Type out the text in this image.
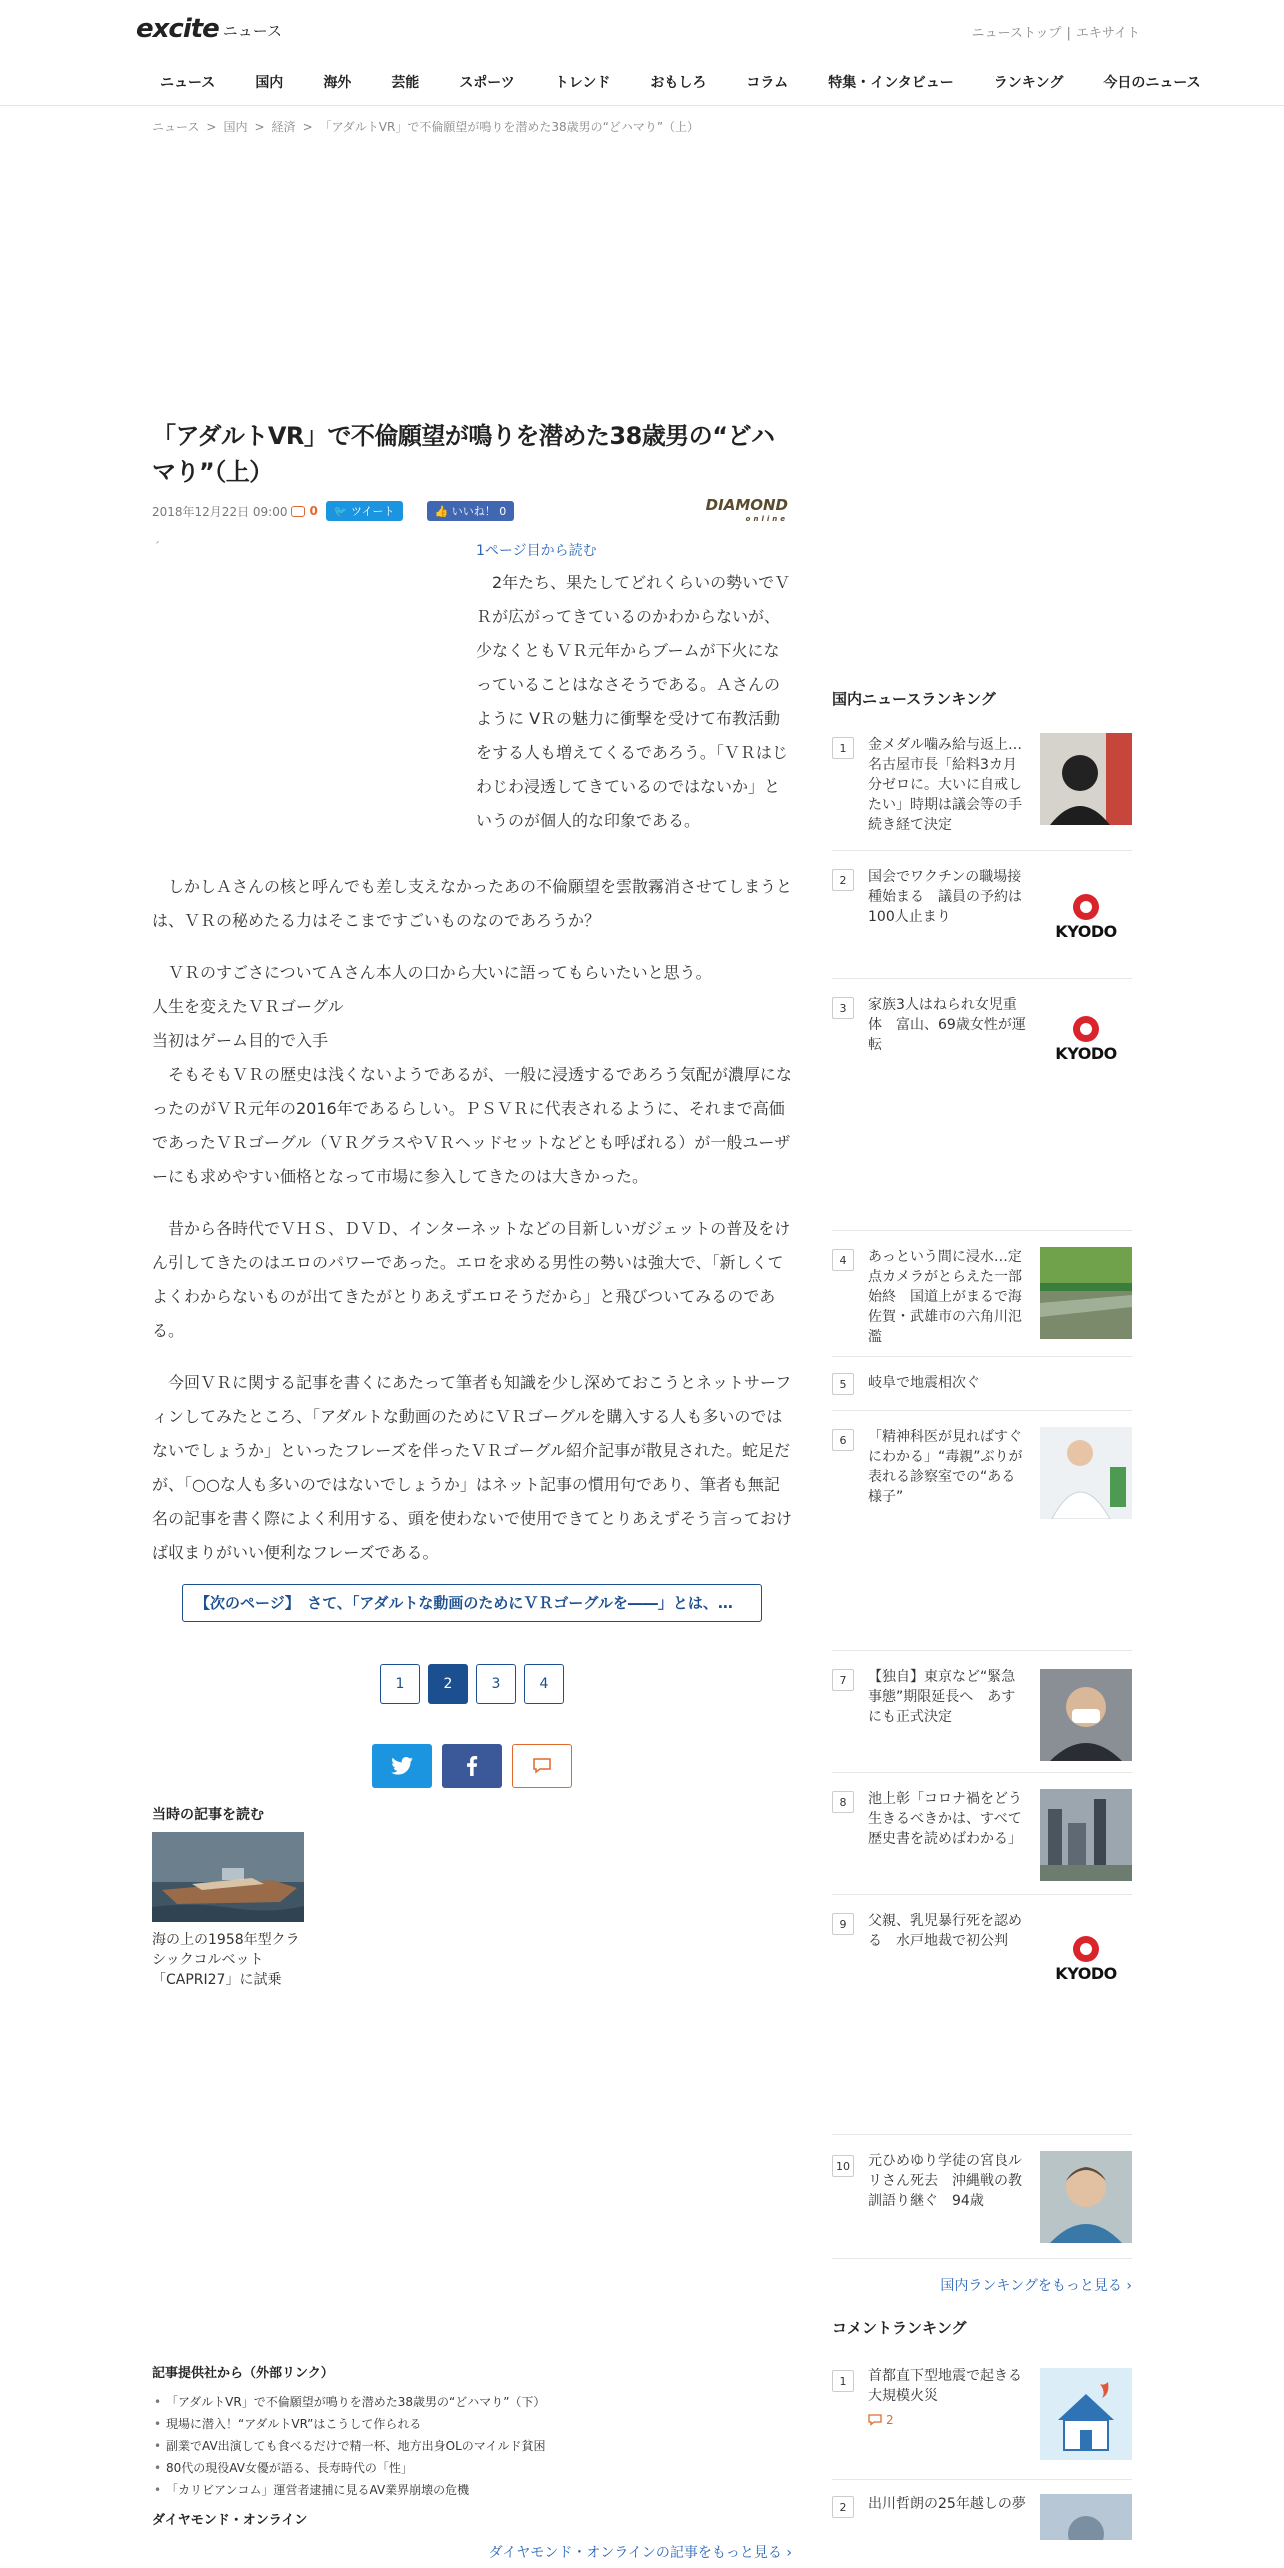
excite ニュース	ニューストップ | エキサイト
ニュース	国内	海外	芸能	スポーツ	トレンド	おもしろ	コラム	特集・インタビュー	ランキング	今日のニュース
ニュース > 国内 > 経済 > 「アダルトVR」で不倫願望が鳴りを潜めた38歳男の“どハマり”（上）
「アダルトVR」で不倫願望が鳴りを潜めた38歳男の“どハマり”（上）
2018年12月22日 09:00 0	🐦 ツイート	👍 いいね！ 0	DIAMOND
online
´	1ページ目から読む

2年たち、果たしてどれくらいの勢いでＶＲが広がってきているのかわからないが、少なくともＶＲ元年からブームが下火になっていることはなさそうである。Ａさんのように VＲの魅力に衝撃を受けて布教活動をする人も増えてくるであろう。「ＶＲはじわじわ浸透してきているのではないか」というのが個人的な印象である。

しかしＡさんの核と呼んでも差し支えなかったあの不倫願望を雲散霧消させてしまうとは、ＶＲの秘めたる力はそこまですごいものなのであろうか？

ＶＲのすごさについてＡさん本人の口から大いに語ってもらいたいと思う。

人生を変えたＶＲゴーグル
当初はゲーム目的で入手

そもそもＶＲの歴史は浅くないようであるが、一般に浸透するであろう気配が濃厚になったのがＶＲ元年の2016年であるらしい。ＰＳＶＲに代表されるように、それまで高価であったＶＲゴーグル（ＶＲグラスやＶＲヘッドセットなどとも呼ばれる）が一般ユーザーにも求めやすい価格となって市場に参入してきたのは大きかった。

昔から各時代でＶＨＳ、ＤＶＤ、インターネットなどの目新しいガジェットの普及をけん引してきたのはエロのパワーであった。エロを求める男性の勢いは強大で、「新しくてよくわからないものが出てきたがとりあえずエロそうだから」と飛びついてみるのである。

今回ＶＲに関する記事を書くにあたって筆者も知識を少し深めておこうとネットサーフィンしてみたところ、「アダルトな動画のためにＶＲゴーグルを購入する人も多いのではないでしょうか」といったフレーズを伴ったＶＲゴーグル紹介記事が散見された。蛇足だが、「○○な人も多いのではないでしょうか」はネット記事の慣用句であり、筆者も無記名の記事を書く際によく利用する、頭を使わないで使用できてとりあえずそう言っておけば収まりがいい便利なフレーズである。

【次のページ】　さて、「アダルトな動画のためにＶＲゴーグルを――」とは、…
1	2	3	4
当時の記事を読む
海の上の1958年型クラシックコルベット「CAPRI27」に試乗
記事提供社から（外部リンク）
• 「アダルトVR」で不倫願望が鳴りを潜めた38歳男の“どハマり”（下）
• 現場に潜入！“アダルトVR”はこうして作られる
• 副業でAV出演しても食べるだけで精一杯、地方出身OLのマイルド貧困
• 80代の現役AV女優が語る、長寿時代の「性」
• 「カリビアンコム」運営者逮捕に見るAV業界崩壊の危機
ダイヤモンド・オンライン
ダイヤモンド・オンラインの記事をもっと見る ›
国内ニュースランキング
1	金メダル噛み給与返上…名古屋市長「給料3カ月分ゼロに。大いに自戒したい」時期は議会等の手続き経て決定
2	国会でワクチンの職場接種始まる　議員の予約は100人止まり
KYODO
3	家族3人はねられ女児重体　富山、69歳女性が運転	KYODO
4	あっという間に浸水…定点カメラがとらえた一部始終　国道上がまるで海　佐賀・武雄市の六角川氾濫
5	岐阜で地震相次ぐ
6	「精神科医が見ればすぐにわかる」“毒親”ぶりが表れる診察室での“ある様子”
7	【独自】東京など“緊急事態”期限延長へ　あすにも正式決定
8	池上彰「コロナ禍をどう生きるべきかは、すべて歴史書を読めばわかる」
9	父親、乳児暴行死を認める　水戸地裁で初公判
KYODO
10 元ひめゆり学徒の宮良ルリさん死去　沖縄戦の教訓語り継ぐ　94歳
国内ランキングをもっと見る ›
コメントランキング
1	首都直下型地震で起きる大規模火災
2
2	出川哲朗の25年越しの夢
